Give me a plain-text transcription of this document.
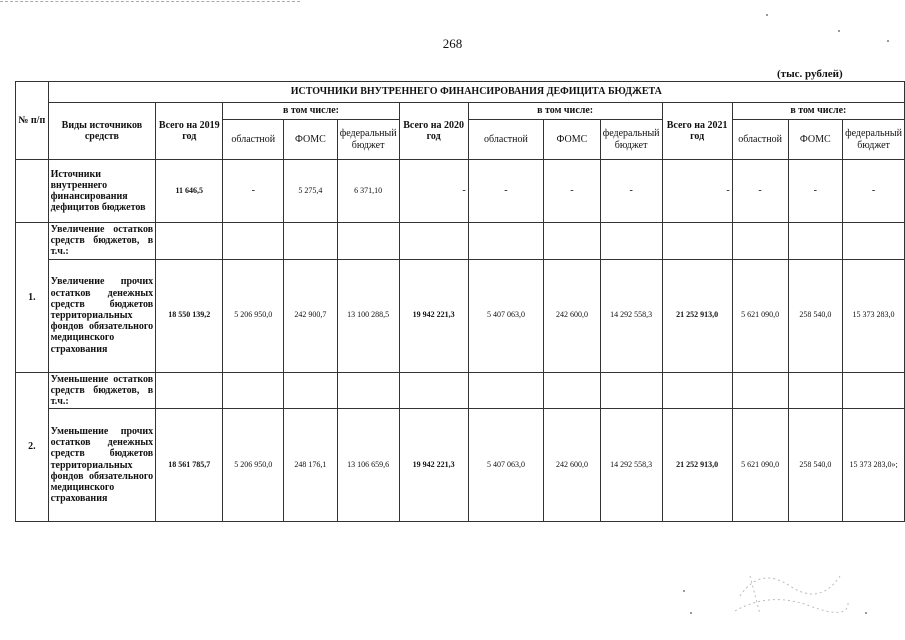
268
(тыс. рублей)
№ п/п	ИСТОЧНИКИ ВНУТРЕННЕГО ФИНАНСИРОВАНИЯ ДЕФИЦИТА БЮДЖЕТА												
	Виды источников средств	Всего на 2019 год	в том числе:			Всего на 2020 год	в том числе:			Всего на 2021 год	в том числе:		
			областной	ФОМС	федеральный бюджет		областной	ФОМС	федеральный бюджет		областной	ФОМС	федеральный бюджет
	Источники внутреннего финансирования дефицитов бюджетов	11 646,5	-	5 275,4	6 371,10	-	-	-	-	-	-	-	-
1.	Увеличение остатков средств бюджетов, в т.ч.:												
	Увеличение прочих остатков денежных средств бюджетов территориальных фондов обязательного медицинского страхования	18 550 139,2	5 206 950,0	242 900,7	13 100 288,5	19 942 221,3	5 407 063,0	242 600,0	14 292 558,3	21 252 913,0	5 621 090,0	258 540,0	15 373 283,0
2.	Уменьшение остатков средств бюджетов, в т.ч.:												
	Уменьшение прочих остатков денежных средств бюджетов территориальных фондов обязательного медицинского страхования	18 561 785,7	5 206 950,0	248 176,1	13 106 659,6	19 942 221,3	5 407 063,0	242 600,0	14 292 558,3	21 252 913,0	5 621 090,0	258 540,0	15 373 283,0»;
